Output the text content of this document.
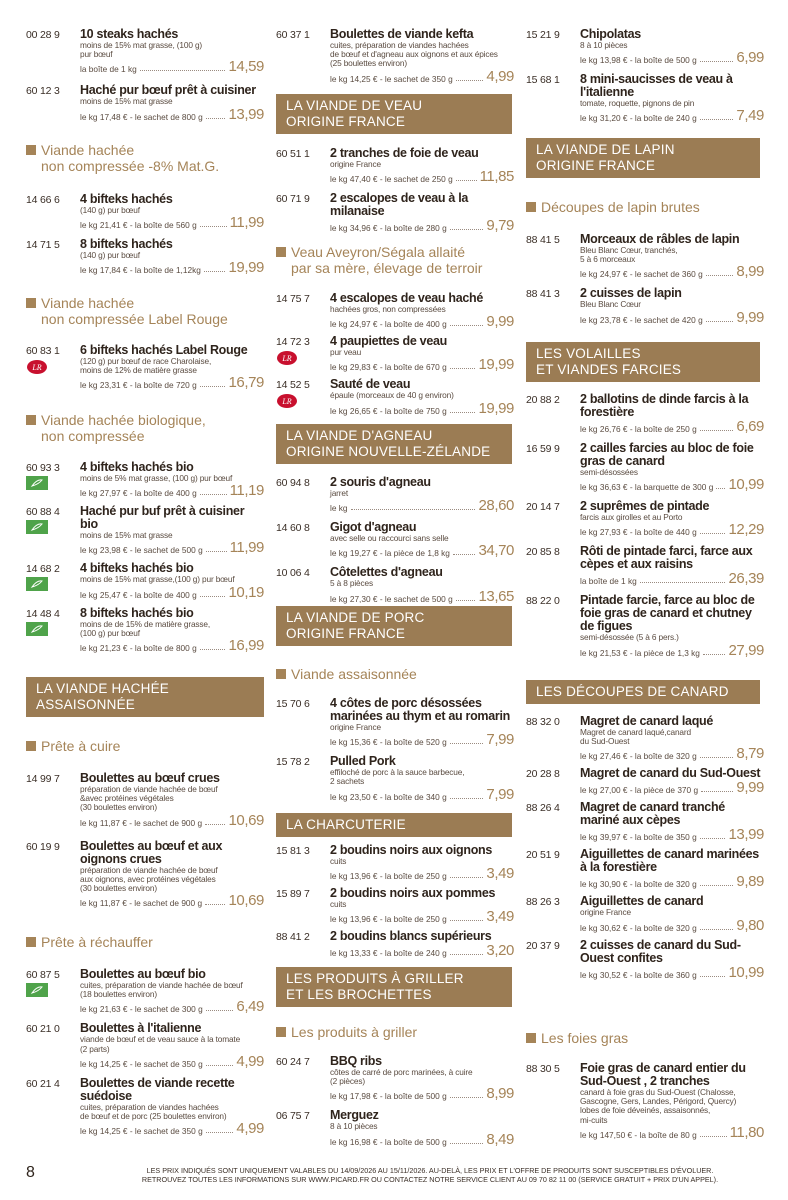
00 28 9	10 steaks hachés
moins de 15% mat grasse, (100 g)
pur bœuf
la boîte de 1 kg	14,59
60 12 3	Haché pur bœuf prêt à cuisiner
moins de 15% mat grasse
le kg 17,48 € - le sachet de 800 g 13,99
Viande hachée
non compressée -8% Mat.G.
14 66 6	4 bifteks hachés
(140 g) pur bœuf
le kg 21,41 € - la boîte de 560 g 11,99
14 71 5	8 bifteks hachés
(140 g) pur bœuf
le kg 17,84 € - la boîte de 1,12kg 19,99
Viande hachée
non compressée Label Rouge
60 83 1
LR
6 bifteks hachés Label Rouge
(120 g) pur bœuf de race Charolaise,
moins de 12% de matière grasse
le kg 23,31 € - la boîte de 720 g 16,79
Viande hachée biologique,
non compressée
60 93 3	4 bifteks hachés bio
moins de 5% mat grasse, (100 g) pur bœuf
le kg 27,97 € - la boîte de 400 g 11,19
60 88 4	Haché pur buf prêt à cuisiner bio
moins de 15% mat grasse
le kg 23,98 € - le sachet de 500 g 11,99
14 68 2	4 bifteks hachés bio
moins de 15% mat grasse,(100 g) pur bœuf
le kg 25,47 € - la boîte de 400 g 10,19
14 48 4	8 bifteks hachés bio
moins de de 15% de matière grasse,
(100 g) pur bœuf
le kg 21,23 € - la boîte de 800 g 16,99
LA VIANDE HACHÉE
ASSAISONNÉE
Prête à cuire
14 99 7	Boulettes au bœuf crues
préparation de viande hachée de bœuf
&avec protéines végétales
(30 boulettes environ)
le kg 11,87 € - le sachet de 900 g 10,69
60 19 9	Boulettes au bœuf et aux oignons crues
préparation de viande hachée de bœuf
aux oignons, avec protéines végétales
(30 boulettes environ)
le kg 11,87 € - le sachet de 900 g 10,69
Prête à réchauffer
60 87 5	Boulettes au bœuf bio
cuites, préparation de viande hachée de bœuf
(18 boulettes environ)
le kg 21,63 € - le sachet de 300 g 6,49
60 21 0	Boulettes à l'italienne
viande de bœuf et de veau sauce à la tomate
(2 parts)
le kg 14,25 € - le sachet de 350 g 4,99
60 21 4	Boulettes de viande recette suédoise
cuites, préparation de viandes hachées
de bœuf et de porc (25 boulettes environ)
le kg 14,25 € - le sachet de 350 g 4,99
60 37 1	Boulettes de viande kefta
cuites, préparation de viandes hachées
de bœuf et d'agneau aux oignons et aux épices
(25 boulettes environ)
le kg 14,25 € - le sachet de 350 g 4,99
LA VIANDE DE VEAU
ORIGINE FRANCE
60 51 1	2 tranches de foie de veau
origine France
le kg 47,40 € - le sachet de 250 g 11,85
60 71 9	2 escalopes de veau à la milanaise
le kg 34,96 € - la boîte de 280 g	9,79
Veau Aveyron/Ségala allaité
par sa mère, élevage de terroir
14 75 7	4 escalopes de veau haché
hachées gros, non compressées
le kg 24,97 € - la boîte de 400 g	9,99
14 72 3
LR
4 paupiettes de veau
pur veau
le kg 29,83 € - la boîte de 670 g 19,99
14 52 5
LR
Sauté de veau
épaule (morceaux de 40 g environ)
le kg 26,65 € - la boîte de 750 g 19,99
LA VIANDE D'AGNEAU
ORIGINE NOUVELLE-ZÉLANDE
60 94 8	2 souris d'agneau
jarret
le kg	28,60
14 60 8	Gigot d'agneau
avec selle ou raccourci sans selle
le kg 19,27 € - la pièce de 1,8 kg 34,70
10 06 4	Côtelettes d'agneau
5 à 8 pièces
le kg 27,30 € - le sachet de 500 g 13,65
LA VIANDE DE PORC
ORIGINE FRANCE
Viande assaisonnée
15 70 6	4 côtes de porc désossées marinées au thym et au romarin
origine France
le kg 15,36 € - la boîte de 520 g	7,99
15 78 2	Pulled Pork
effiloché de porc à la sauce barbecue,
2 sachets
le kg 23,50 € - la boîte de 340 g	7,99
LA CHARCUTERIE
15 81 3	2 boudins noirs aux oignons
cuits
le kg 13,96 € - la boîte de 250 g	3,49
15 89 7	2 boudins noirs aux pommes
cuits
le kg 13,96 € - la boîte de 250 g	3,49
88 41 2	2 boudins blancs supérieurs
le kg 13,33 € - la boîte de 240 g	3,20
LES PRODUITS À GRILLER
ET LES BROCHETTES
Les produits à griller
60 24 7	BBQ ribs
côtes de carré de porc marinées, à cuire
(2 pièces)
le kg 17,98 € - la boîte de 500 g	8,99
06 75 7	Merguez
8 à 10 pièces
le kg 16,98 € - la boîte de 500 g	8,49
15 21 9	Chipolatas
8 à 10 pièces
le kg 13,98 € - la boîte de 500 g	6,99
15 68 1	8 mini-saucisses de veau à l'italienne
tomate, roquette, pignons de pin
le kg 31,20 € - la boîte de 240 g	7,49
LA VIANDE DE LAPIN
ORIGINE FRANCE
Découpes de lapin brutes
88 41 5	Morceaux de râbles de lapin
Bleu Blanc Cœur, tranchés,
5 à 6 morceaux
le kg 24,97 € - le sachet de 360 g 8,99
88 41 3	2 cuisses de lapin
Bleu Blanc Cœur
le kg 23,78 € - le sachet de 420 g 9,99
LES VOLAILLES
ET VIANDES FARCIES
20 88 2	2 ballotins de dinde farcis à la forestière
le kg 26,76 € - la boîte de 250 g	6,69
16 59 9	2 cailles farcies au bloc de foie gras de canard
semi-désossées
le kg 36,63 € - la barquette de 300 g 10,99
20 14 7	2 suprêmes de pintade
farcis aux girolles et au Porto
le kg 27,93 € - la boîte de 440 g 12,29
20 85 8	Rôti de pintade farci, farce aux cèpes et aux raisins
la boîte de 1 kg	26,39
88 22 0	Pintade farcie, farce au bloc de foie gras de canard et chutney de figues
semi-désossée (5 à 6 pers.)
le kg 21,53 € - la pièce de 1,3 kg 27,99
LES DÉCOUPES DE CANARD
88 32 0	Magret de canard laqué
Magret de canard laqué,canard
du Sud-Ouest
le kg 27,46 € - la boîte de 320 g	8,79
20 28 8	Magret de canard du Sud-Ouest
le kg 27,00 € - la pièce de 370 g	9,99
88 26 4	Magret de canard tranché mariné aux cèpes
le kg 39,97 € - la boîte de 350 g 13,99
20 51 9	Aiguillettes de canard marinées à la forestière
le kg 30,90 € - la boîte de 320 g	9,89
88 26 3	Aiguillettes de canard
origine France
le kg 30,62 € - la boîte de 320 g	9,80
20 37 9	2 cuisses de canard du Sud-Ouest confites
le kg 30,52 € - la boîte de 360 g 10,99
Les foies gras
88 30 5	Foie gras de canard entier du Sud-Ouest , 2 tranches
canard à foie gras du Sud-Ouest (Chalosse,
Gascogne, Gers, Landes, Périgord, Quercy)
lobes de foie déveinés, assaisonnés,
mi-cuits
le kg 147,50 € - la boîte de 80 g 11,80
8	LES PRIX INDIQUÉS SONT UNIQUEMENT VALABLES DU 14/09/2026 AU 15/11/2026. AU-DELÀ, LES PRIX ET L'OFFRE DE PRODUITS SONT SUSCEPTIBLES D'ÉVOLUER.
RETROUVEZ TOUTES LES INFORMATIONS SUR WWW.PICARD.FR OU CONTACTEZ NOTRE SERVICE CLIENT AU 09 70 82 11 00 (SERVICE GRATUIT + PRIX D'UN APPEL).
